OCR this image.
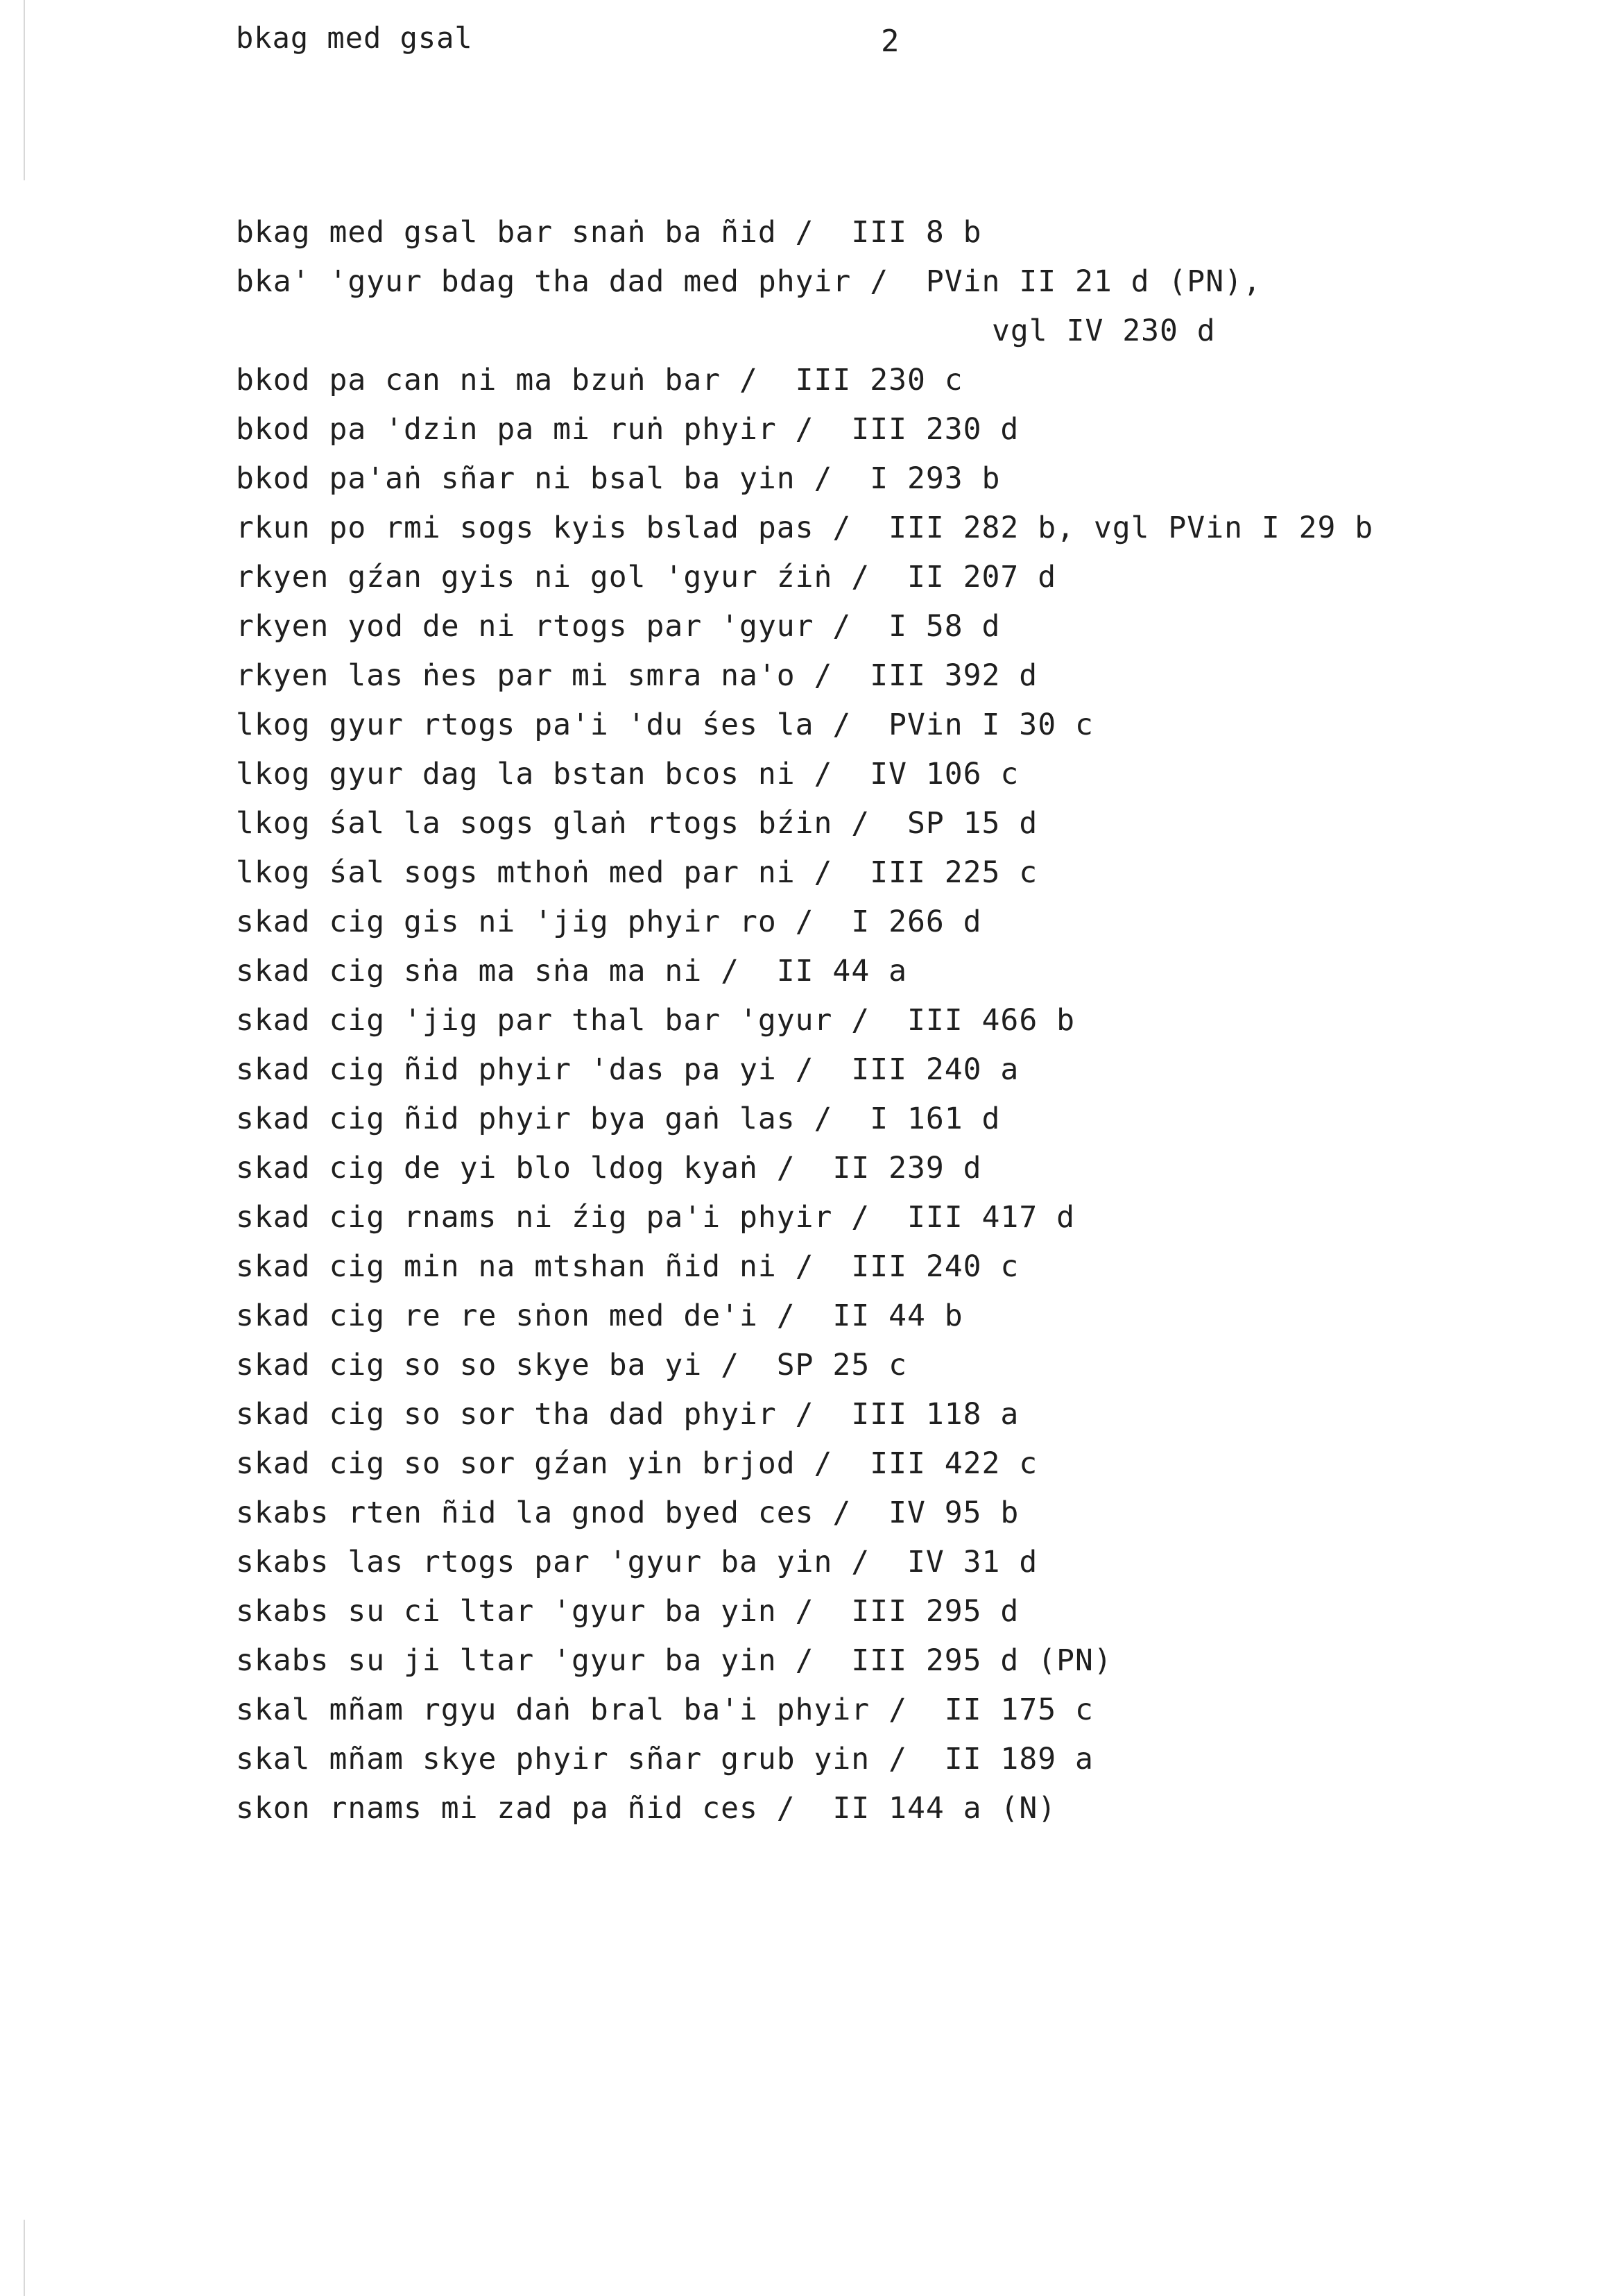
bkag med gsal	2
bkag med gsal bar snaṅ ba ñid / III 8 b
bka' 'gyur bdag tha dad med phyir / PVin II 21 d (PN),
vgl IV 230 d
bkod pa can ni ma bzuṅ bar / III 230 c
bkod pa 'dzin pa mi ruṅ phyir / III 230 d
bkod pa'aṅ sñar ni bsal ba yin / I 293 b
rkun po rmi sogs kyis bslad pas / III 282 b, vgl PVin I 29 b
rkyen gźan gyis ni gol 'gyur źiṅ / II 207 d
rkyen yod de ni rtogs par 'gyur / I 58 d
rkyen las ṅes par mi smra na'o / III 392 d
lkog gyur rtogs pa'i 'du śes la / PVin I 30 c
lkog gyur dag la bstan bcos ni / IV 106 c
lkog śal la sogs glaṅ rtogs bźin / SP 15 d
lkog śal sogs mthoṅ med par ni / III 225 c
skad cig gis ni 'jig phyir ro / I 266 d
skad cig sṅa ma sṅa ma ni / II 44 a
skad cig 'jig par thal bar 'gyur / III 466 b
skad cig ñid phyir 'das pa yi / III 240 a
skad cig ñid phyir bya gaṅ las / I 161 d
skad cig de yi blo ldog kyaṅ / II 239 d
skad cig rnams ni źig pa'i phyir / III 417 d
skad cig min na mtshan ñid ni / III 240 c
skad cig re re sṅon med de'i / II 44 b
skad cig so so skye ba yi / SP 25 c
skad cig so sor tha dad phyir / III 118 a
skad cig so sor gźan yin brjod / III 422 c
skabs rten ñid la gnod byed ces / IV 95 b
skabs las rtogs par 'gyur ba yin / IV 31 d
skabs su ci ltar 'gyur ba yin / III 295 d
skabs su ji ltar 'gyur ba yin / III 295 d (PN)
skal mñam rgyu daṅ bral ba'i phyir / II 175 c
skal mñam skye phyir sñar grub yin / II 189 a
skon rnams mi zad pa ñid ces / II 144 a (N)
